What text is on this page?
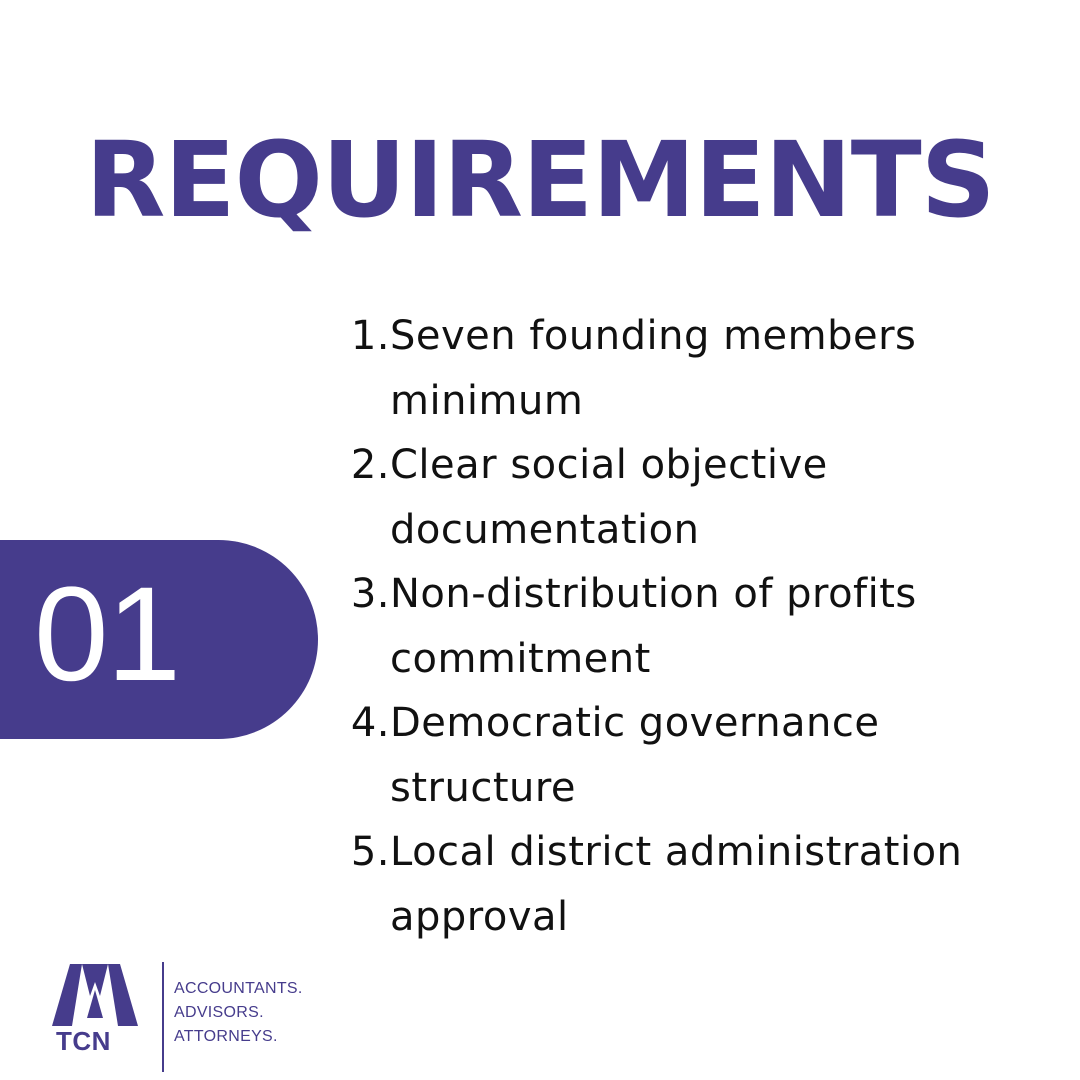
REQUIREMENTS
01
1. Seven founding members minimum
2. Clear social objective documentation
3. Non-distribution of profits commitment
4. Democratic governance structure
5. Local district administration approval
TCN
ACCOUNTANTS.
ADVISORS.
ATTORNEYS.
